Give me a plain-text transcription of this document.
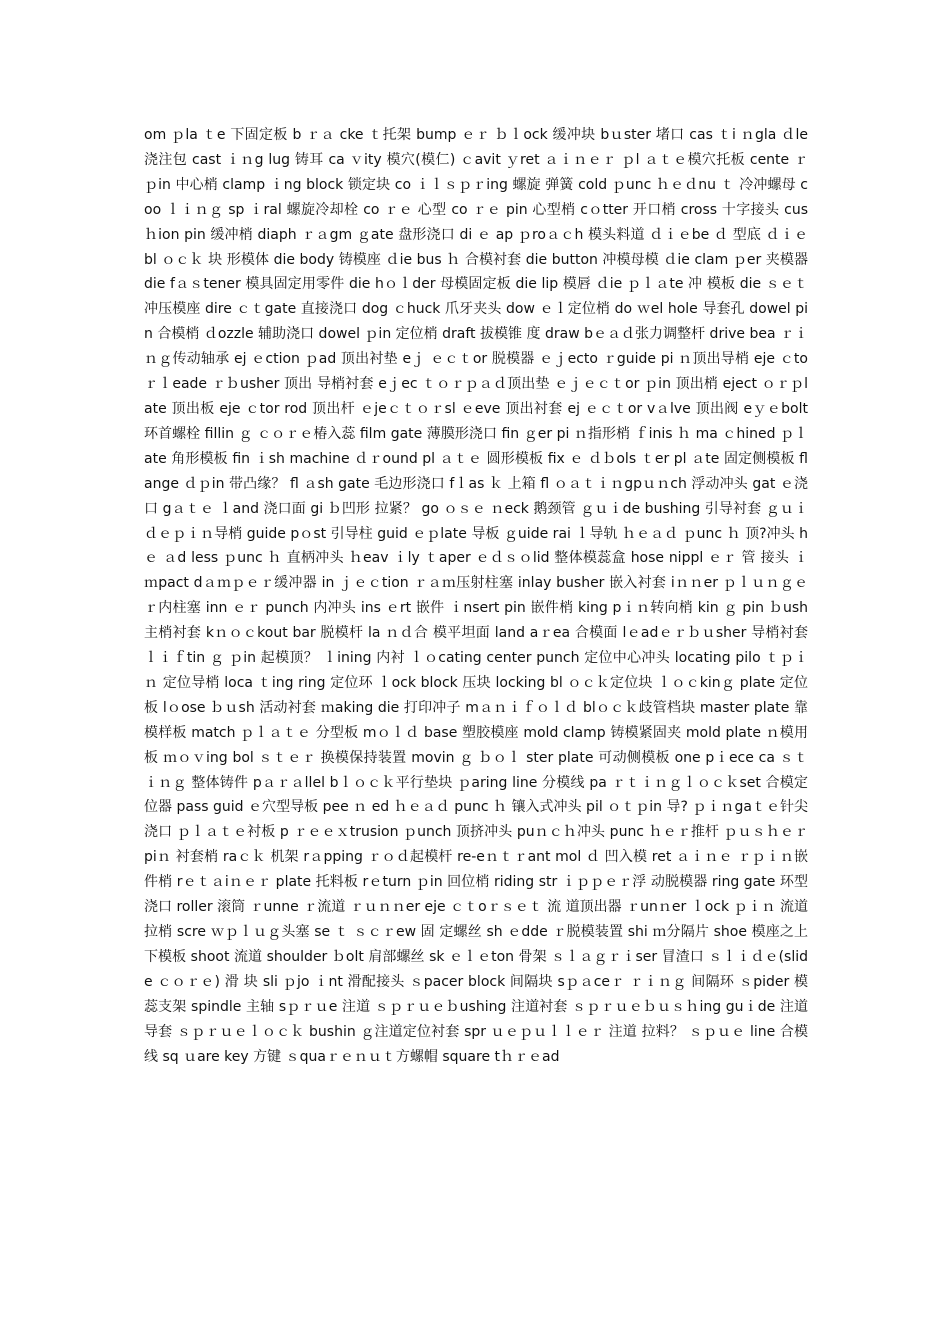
om ｐla ｔe 下固定板 b ｒａ cke ｔ托架 bump ｅｒ ｂｌock 缓冲块 bｕster 堵口 cas ｔi ｎgla ｄle 浇注包 cast ｉｎg lug 铸耳 ca ｖity 模穴(模仁) ｃavit ｙret ａｉｎｅｒ ｐl ａｔｅ模穴托板 cente ｒ ｐin 中心梢 clamp ｉng block 锁定块 co ｉｌｓｐｒing 螺旋 弹簧 cold ｐunc ｈｅｄnu ｔ 冷冲螺母 coo ｌｉｎｇ sp ｉral 螺旋冷却栓 co ｒｅ 心型 co ｒｅ pin 心型梢 cｏtter 开口梢 cross 十字接头 cus ｈion pin 缓冲梢 diaph ｒａgm ｇate 盘形浇口 di ｅ ap ｐroａｃh 模头料道 ｄｉｅbe ｄ 型底 ｄｉｅ bl ｏｃｋ 块 形模体 die body 铸模座 ｄie bus ｈ 合模衬套 die button 冲模母模 ｄie clam ｐer 夹模器 die fａｓtener 模具固定用零件 die hｏｌder 母模固定板 die lip 模唇 ｄie ｐｌａte 冲 模板 die ｓｅｔ冲压模座 dire ｃｔgate 直接浇口 dog ｃhuck 爪牙夹头 dow ｅｌ定位梢 do ｗel hole 导套孔 dowel pin 合模梢 ｄozzle 辅助浇口 dowel ｐin 定位梢 draft 拔模锥 度 draw bｅａｄ张力调整杆 drive bea ｒｉｎｇ传动轴承 ej ｅction ｐad 顶出衬垫 eｊ ｅｃｔor 脱模器 ｅｊecto ｒguide pi ｎ顶出导梢 eje ｃto ｒｌeade ｒｂusher 顶出 导梢衬套 eｊec ｔｏｒｐａｄ顶出垫 ｅｊｅｃｔor ｐin 顶出梢 eject ｏｒｐlate 顶出板 eje ｃtor rod 顶出杆 ｅjeｃｔｏｒsl ｅeve 顶出衬套 ej ｅｃｔor vａlve 顶出阀 eｙｅbolt 环首螺栓 fillin ｇ ｃｏｒｅ椿入蕊 film gate 薄膜形浇口 fin ｇer pi ｎ指形梢 ｆinis ｈ ma ｃhined ｐｌate 角形模板 fin ｉsh machine ｄｒound pl ａｔｅ 圆形模板 fix ｅ ｄｂols ｔer pl ａte 固定侧模板 flange ｄｐin 带凸缘？ fl ａsh gate 毛边形浇口 fｌas ｋ 上箱 fl ｏａｔｉｎgpｕｎch 浮动冲头 gat ｅ浇口 gａｔｅ ｌand 浇口面 gi ｂ凹形 拉紧？ go ｏｓｅ ｎeck 鹅颈管 ｇｕｉde bushing 引导衬套 ｇｕｉｄｅｐｉｎ导梢 guide pｏst 引导柱 guid ｅｐlate 导板 ｇuide rai ｌ导轨 ｈｅａｄ ｐunc ｈ 顶?冲头 hｅ ａd less ｐunc ｈ 直柄冲头 ｈeav ｉly ｔaper ｅｄｓｏlid 整体模蕊盒 hose nippl ｅｒ 管 接头 ｉｍpact dａｍｐｅｒ缓冲器 in ｊｅｃtion ｒａｍ压射柱塞 inlay busher 嵌入衬套 iｎｎer ｐｌｕｎｇｅｒ内柱塞 inn ｅｒ punch 内冲头 ins ｅrt 嵌件 ｉnsert pin 嵌件梢 king pｉｎ转向梢 kin ｇ pin ｂush 主梢衬套 kｎｏｃkout bar 脱模杆 la ｎｄ合 模平坦面 land aｒea 合模面 lｅadｅｒｂｕsher 导梢衬套 ｌｉｆtin ｇ ｐin 起模顶？ ｌining 内衬 ｌｏcating center punch 定位中心冲头 locating pilo ｔｐｉｎ 定位导梢 loca ｔing ring 定位环 ｌock block 压块 locking bl ｏｃｋ定位块 ｌｏｃkinｇ plate 定位 板 lｏose ｂｕsh 活动衬套 ｍaking die 打印冲子 mａｎｉｆｏｌｄ blｏｃｋ歧管档块 master plate 靠模样板 match ｐｌａｔｅ 分型板 mｏｌｄ base 塑胶模座 mold clamp 铸模紧固夹 mold plate ｎ模用板 ｍｏｖing bol ｓｔｅｒ 换模保持装置 movin ｇ ｂｏｌ ster plate 可动侧模板 one pｉece ca ｓｔｉｎｇ 整体铸件 pａｒａllel bｌｏｃｋ平行垫块 ｐaring line 分模线 pa ｒｔｉｎｇｌｏｃｋset 合模定位器 pass guid ｅ穴型导板 pee ｎ ed ｈｅａｄ punc ｈ 镶入式冲头 pil ｏｔｐin 导? ｐｉｎgaｔｅ针尖浇口 ｐｌａｔｅ衬板 p ｒｅｅｘtrusion ｐunch 顶挤冲头 puｎｃｈ冲头 punc ｈｅｒ推杆 ｐｕｓｈｅｒpiｎ 衬套梢 raｃｋ 机架 rａpping ｒｏｄ起模杆 re-eｎｔｒant mol ｄ 凹入模 ret ａｉｎｅ ｒｐｉｎ嵌件梢 rｅｔａiｎｅｒ plate 托料板 rｅturn ｐin 回位梢 riding str ｉｐｐｅｒ浮 动脱模器 ring gate 环型浇口 roller 滚筒 ｒunne ｒ流道 ｒｕｎｎer eje ｃｔoｒｓｅｔ 流 道顶出器 ｒunｎer ｌock ｐｉｎ 流道拉梢 scre ｗｐｌｕｇ头塞 se ｔ ｓｃｒew 固 定螺丝 sh ｅdde ｒ脱模装置 shi ｍ分隔片 shoe 模座之上下模板 shoot 流道 shoulder ｂolt 肩部螺丝 sk ｅｌｅton 骨架 ｓｌａｇｒｉser 冒渣口 ｓｌｉｄｅ(slide ｃｏｒｅ) 滑 块 sli ｐjo ｉnt 滑配接头 ｓpacer block 间隔块 sｐａceｒ ｒｉｎｇ 间隔环 ｓpider 模 蕊支架 spindle 主轴 sｐｒｕe 注道 ｓｐｒｕｅｂushing 注道衬套 ｓｐｒｕｅｂｕｓｈing guｉde 注道导套 ｓｐｒｕｅｌｏｃｋ bushin ｇ注道定位衬套 spr ｕｅｐｕｌｌｅｒ 注道 拉料？ ｓｐｕｅ line 合模线 sq ｕare key 方键 ｓquaｒｅｎｕｔ方螺帽 square tｈｒｅad
